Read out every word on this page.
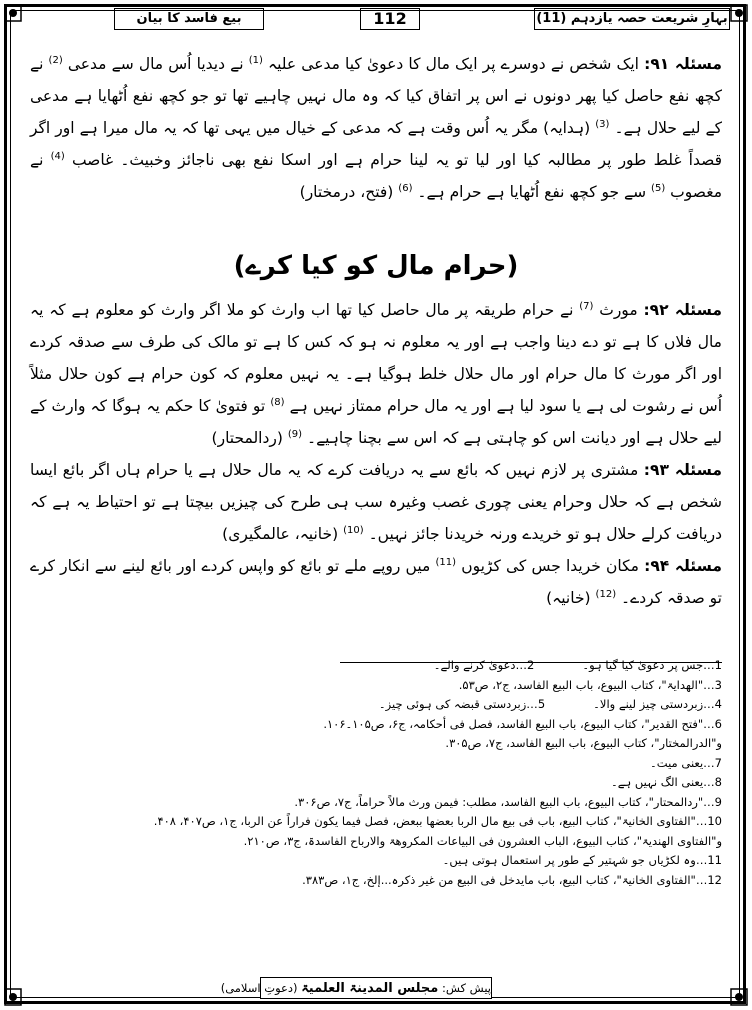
بیع فاسد کا بیان	112	بہارِ شریعت حصہ یازدہم (11)

مسئلہ ۹۱: ایک شخص نے دوسرے پر ایک مال کا دعویٰ کیا مدعی علیہ $^{(1)}$ نے دیدیا اُس مال سے مدعی $^{(2)}$ نے کچھ نفع حاصل کیا پھر دونوں نے اس پر اتفاق کیا کہ وہ مال نہیں چاہیے تھا تو جو کچھ نفع اُٹھایا ہے مدعی کے لیے حلال ہے۔ $^{(3)}$ (ہدایہ) مگر یہ اُس وقت ہے کہ مدعی کے خیال میں یہی تھا کہ یہ مال میرا ہے اور اگر قصداً غلط طور پر مطالبہ کیا اور لیا تو یہ لینا حرام ہے اور اسکا نفع بھی ناجائز وخبیث۔ غاصب $^{(4)}$ نے مغصوب $^{(5)}$ سے جو کچھ نفع اُٹھایا ہے حرام ہے۔ $^{(6)}$ (فتح، درمختار)

(حرام مال کو کیا کرے)

مسئلہ ۹۲: مورث $^{(7)}$ نے حرام طریقہ پر مال حاصل کیا تھا اب وارث کو ملا اگر وارث کو معلوم ہے کہ یہ مال فلاں کا ہے تو دے دینا واجب ہے اور یہ معلوم نہ ہو کہ کس کا ہے تو مالک کی طرف سے صدقہ کردے اور اگر مورث کا مال حرام اور مال حلال خلط ہوگیا ہے۔ یہ نہیں معلوم کہ کون حرام ہے کون حلال مثلاً اُس نے رشوت لی ہے یا سود لیا ہے اور یہ مال حرام ممتاز نہیں ہے $^{(8)}$ تو فتویٰ کا حکم یہ ہوگا کہ وارث کے لیے حلال ہے اور دیانت اس کو چاہتی ہے کہ اس سے بچنا چاہیے۔ $^{(9)}$ (ردالمحتار)

مسئلہ ۹۳: مشتری پر لازم نہیں کہ بائع سے یہ دریافت کرے کہ یہ مال حلال ہے یا حرام ہاں اگر بائع ایسا شخص ہے کہ حلال وحرام یعنی چوری غصب وغیرہ سب ہی طرح کی چیزیں بیچتا ہے تو احتیاط یہ ہے کہ دریافت کرلے حلال ہو تو خریدے ورنہ خریدنا جائز نہیں۔ $^{(10)}$ (خانیہ، عالمگیری)

مسئلہ ۹۴: مکان خریدا جس کی کڑیوں $^{(11)}$ میں روپے ملے تو بائع کو واپس کردے اور بائع لینے سے انکار کرے تو صدقہ کردے۔ $^{(12)}$ (خانیہ)

1…جس پر دعویٰ کیا گیا ہو۔

2…دعویٰ کرنے والے۔

3…"الھدایۃ"، کتاب البیوع، باب البیع الفاسد، ج۲، ص۵۳.

4…زبردستی چیز لینے والا۔

5…زبردستی قبضہ کی ہوئی چیز۔

6…"فتح القدیر"، کتاب البیوع، باب البیع الفاسد، فصل فی أحکامہ، ج۶، ص۱۰۵۔۱۰۶.

و"الدرالمختار"، کتاب البیوع، باب البیع الفاسد، ج۷، ص۳۰۵.

7…یعنی میت۔

8…یعنی الگ نہیں ہے۔

9…"ردالمحتار"، کتاب البیوع، باب البیع الفاسد، مطلب: فیمن ورث مالاً حراماً، ج۷، ص۳۰۶.

10…"الفتاوی الخانیۃ"، کتاب البیع، باب فی بیع مال الربا بعضھا ببعض، فصل فیما یکون فراراً عن الربا، ج۱، ص۴۰۷، ۴۰۸.

و"الفتاوی الھندیۃ"، کتاب البیوع، الباب العشرون فی البیاعات المکروھۃ والارباح الفاسدۃ، ج۳، ص۲۱۰.

11…وہ لکڑیاں جو شہتیر کے طور پر استعمال ہوتی ہیں۔

12…"الفتاوی الخانیۃ"، کتاب البیع، باب مایدخل فی البیع من غیر ذکرہ...إلخ، ج۱، ص۳۸۳.

پیش کش: مجلس المدینۃ العلمیۃ (دعوتِ اسلامی)
